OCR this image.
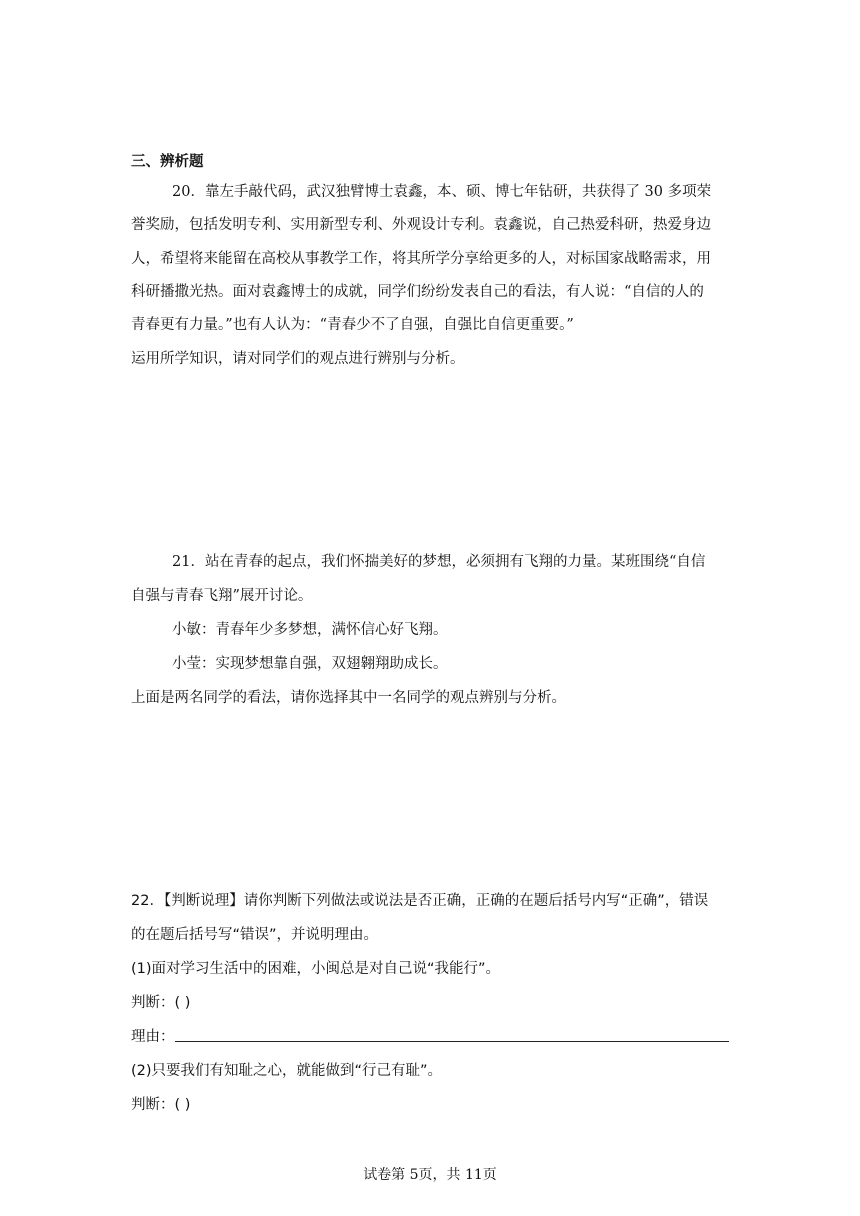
三、辨析题
20．靠左手敲代码，武汉独臂博士袁鑫，本、硕、博七年钻研，共获得了 30 多项荣
誉奖励，包括发明专利、实用新型专利、外观设计专利。袁鑫说，自己热爱科研，热爱身边
人，希望将来能留在高校从事教学工作，将其所学分享给更多的人，对标国家战略需求，用
科研播撒光热。面对袁鑫博士的成就，同学们纷纷发表自己的看法，有人说：“自信的人的
青春更有力量。”也有人认为：“青春少不了自强，自强比自信更重要。”
运用所学知识，请对同学们的观点进行辨别与分析。
21．站在青春的起点，我们怀揣美好的梦想，必须拥有飞翔的力量。某班围绕“自信
自强与青春飞翔”展开讨论。
小敏：青春年少多梦想，满怀信心好飞翔。
小莹：实现梦想靠自强，双翅翱翔助成长。
上面是两名同学的看法，请你选择其中一名同学的观点辨别与分析。
22．【判断说理】请你判断下列做法或说法是否正确，正确的在题后括号内写“正确”，错误
的在题后括号写“错误”，并说明理由。
(1)面对学习生活中的困难，小闽总是对自己说“我能行”。
判断：( )
理由：
(2)只要我们有知耻之心，就能做到“行己有耻”。
判断：( )
试卷第 5页，共 11页
